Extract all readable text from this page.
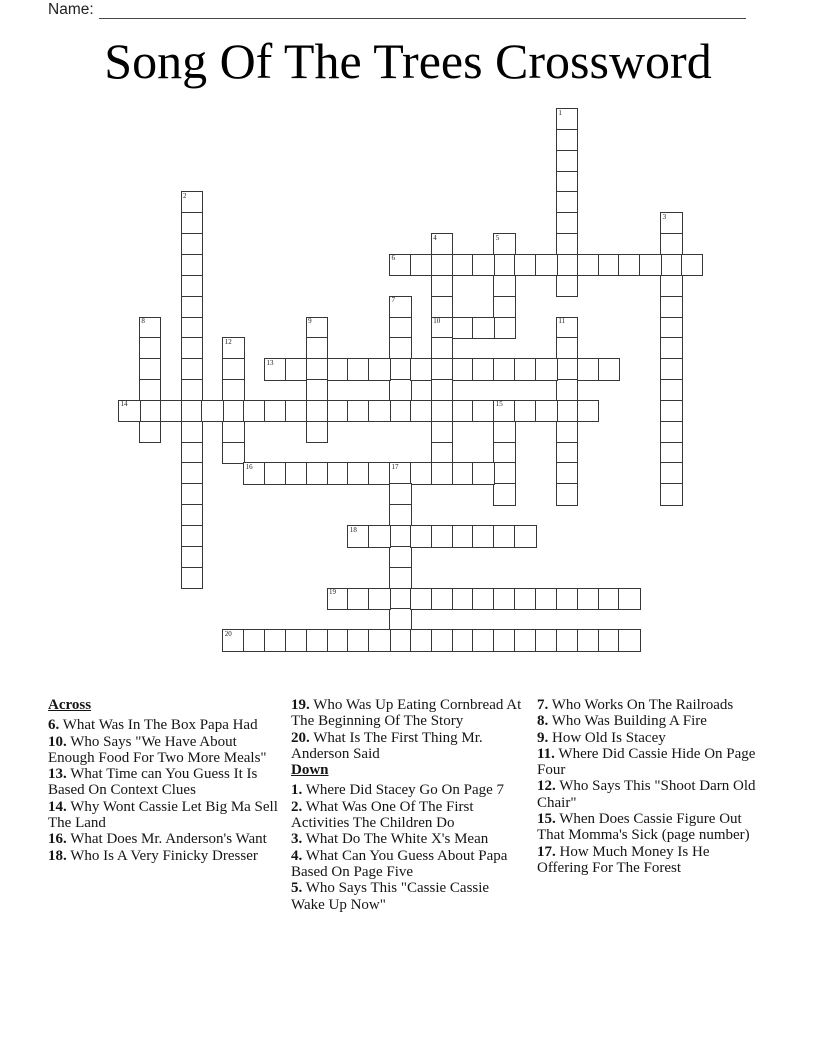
Name:
Song Of The Trees Crossword
1
2
3
4
10
5
6
7
8	9	11
12
13
14	15
16	17
18
19
20

Across

6. What Was In The Box Papa Had

10. Who Says "We Have About Enough Food For Two More Meals"

13. What Time can You Guess It Is Based On Context Clues

14. Why Wont Cassie Let Big Ma Sell The Land

16. What Does Mr. Anderson's Want

18. Who Is A Very Finicky Dresser

19. Who Was Up Eating Cornbread At The Beginning Of The Story

20. What Is The First Thing Mr. Anderson Said

Down

1. Where Did Stacey Go On Page 7

2. What Was One Of The First Activities The Children Do

3. What Do The White X's Mean

4. What Can You Guess About Papa Based On Page Five

5. Who Says This "Cassie Cassie Wake Up Now"

7. Who Works On The Railroads

8. Who Was Building A Fire

9. How Old Is Stacey

11. Where Did Cassie Hide On Page Four

12. Who Says This "Shoot Darn Old Chair"

15. When Does Cassie Figure Out That Momma's Sick (page number)

17. How Much Money Is He Offering For The Forest
